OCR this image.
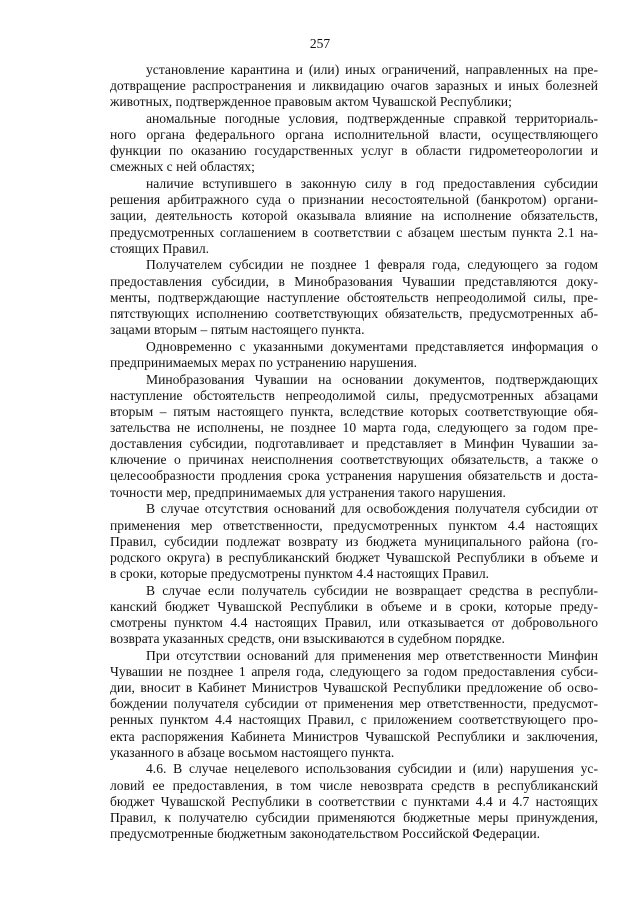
257
установление карантина и (или) иных ограничений, направленных на пре-
дотвращение распространения и ликвидацию очагов заразных и иных болезней
животных, подтвержденное правовым актом Чувашской Республики;
аномальные погодные условия, подтвержденные справкой территориаль-
ного органа федерального органа исполнительной власти, осуществляющего
функции по оказанию государственных услуг в области гидрометеорологии и
смежных с ней областях;
наличие вступившего в законную силу в год предоставления субсидии
решения арбитражного суда о признании несостоятельной (банкротом) органи-
зации, деятельность которой оказывала влияние на исполнение обязательств,
предусмотренных соглашением в соответствии с абзацем шестым пункта 2.1 на-
стоящих Правил.
Получателем субсидии не позднее 1 февраля года, следующего за годом
предоставления субсидии, в Минобразования Чувашии представляются доку-
менты, подтверждающие наступление обстоятельств непреодолимой силы, пре-
пятствующих исполнению соответствующих обязательств, предусмотренных аб-
зацами вторым – пятым настоящего пункта.
Одновременно с указанными документами представляется информация о
предпринимаемых мерах по устранению нарушения.
Минобразования Чувашии на основании документов, подтверждающих
наступление обстоятельств непреодолимой силы, предусмотренных абзацами
вторым – пятым настоящего пункта, вследствие которых соответствующие обя-
зательства не исполнены, не позднее 10 марта года, следующего за годом пре-
доставления субсидии, подготавливает и представляет в Минфин Чувашии за-
ключение о причинах неисполнения соответствующих обязательств, а также о
целесообразности продления срока устранения нарушения обязательств и доста-
точности мер, предпринимаемых для устранения такого нарушения.
В случае отсутствия оснований для освобождения получателя субсидии от
применения мер ответственности, предусмотренных пунктом 4.4 настоящих
Правил, субсидии подлежат возврату из бюджета муниципального района (го-
родского округа) в республиканский бюджет Чувашской Республики в объеме и
в сроки, которые предусмотрены пунктом 4.4 настоящих Правил.
В случае если получатель субсидии не возвращает средства в республи-
канский бюджет Чувашской Республики в объеме и в сроки, которые преду-
смотрены пунктом 4.4 настоящих Правил, или отказывается от добровольного
возврата указанных средств, они взыскиваются в судебном порядке.
При отсутствии оснований для применения мер ответственности Минфин
Чувашии не позднее 1 апреля года, следующего за годом предоставления субси-
дии, вносит в Кабинет Министров Чувашской Республики предложение об осво-
бождении получателя субсидии от применения мер ответственности, предусмот-
ренных пунктом 4.4 настоящих Правил, с приложением соответствующего про-
екта распоряжения Кабинета Министров Чувашской Республики и заключения,
указанного в абзаце восьмом настоящего пункта.
4.6. В случае нецелевого использования субсидии и (или) нарушения ус-
ловий ее предоставления, в том числе невозврата средств в республиканский
бюджет Чувашской Республики в соответствии с пунктами 4.4 и 4.7 настоящих
Правил, к получателю субсидии применяются бюджетные меры принуждения,
предусмотренные бюджетным законодательством Российской Федерации.
